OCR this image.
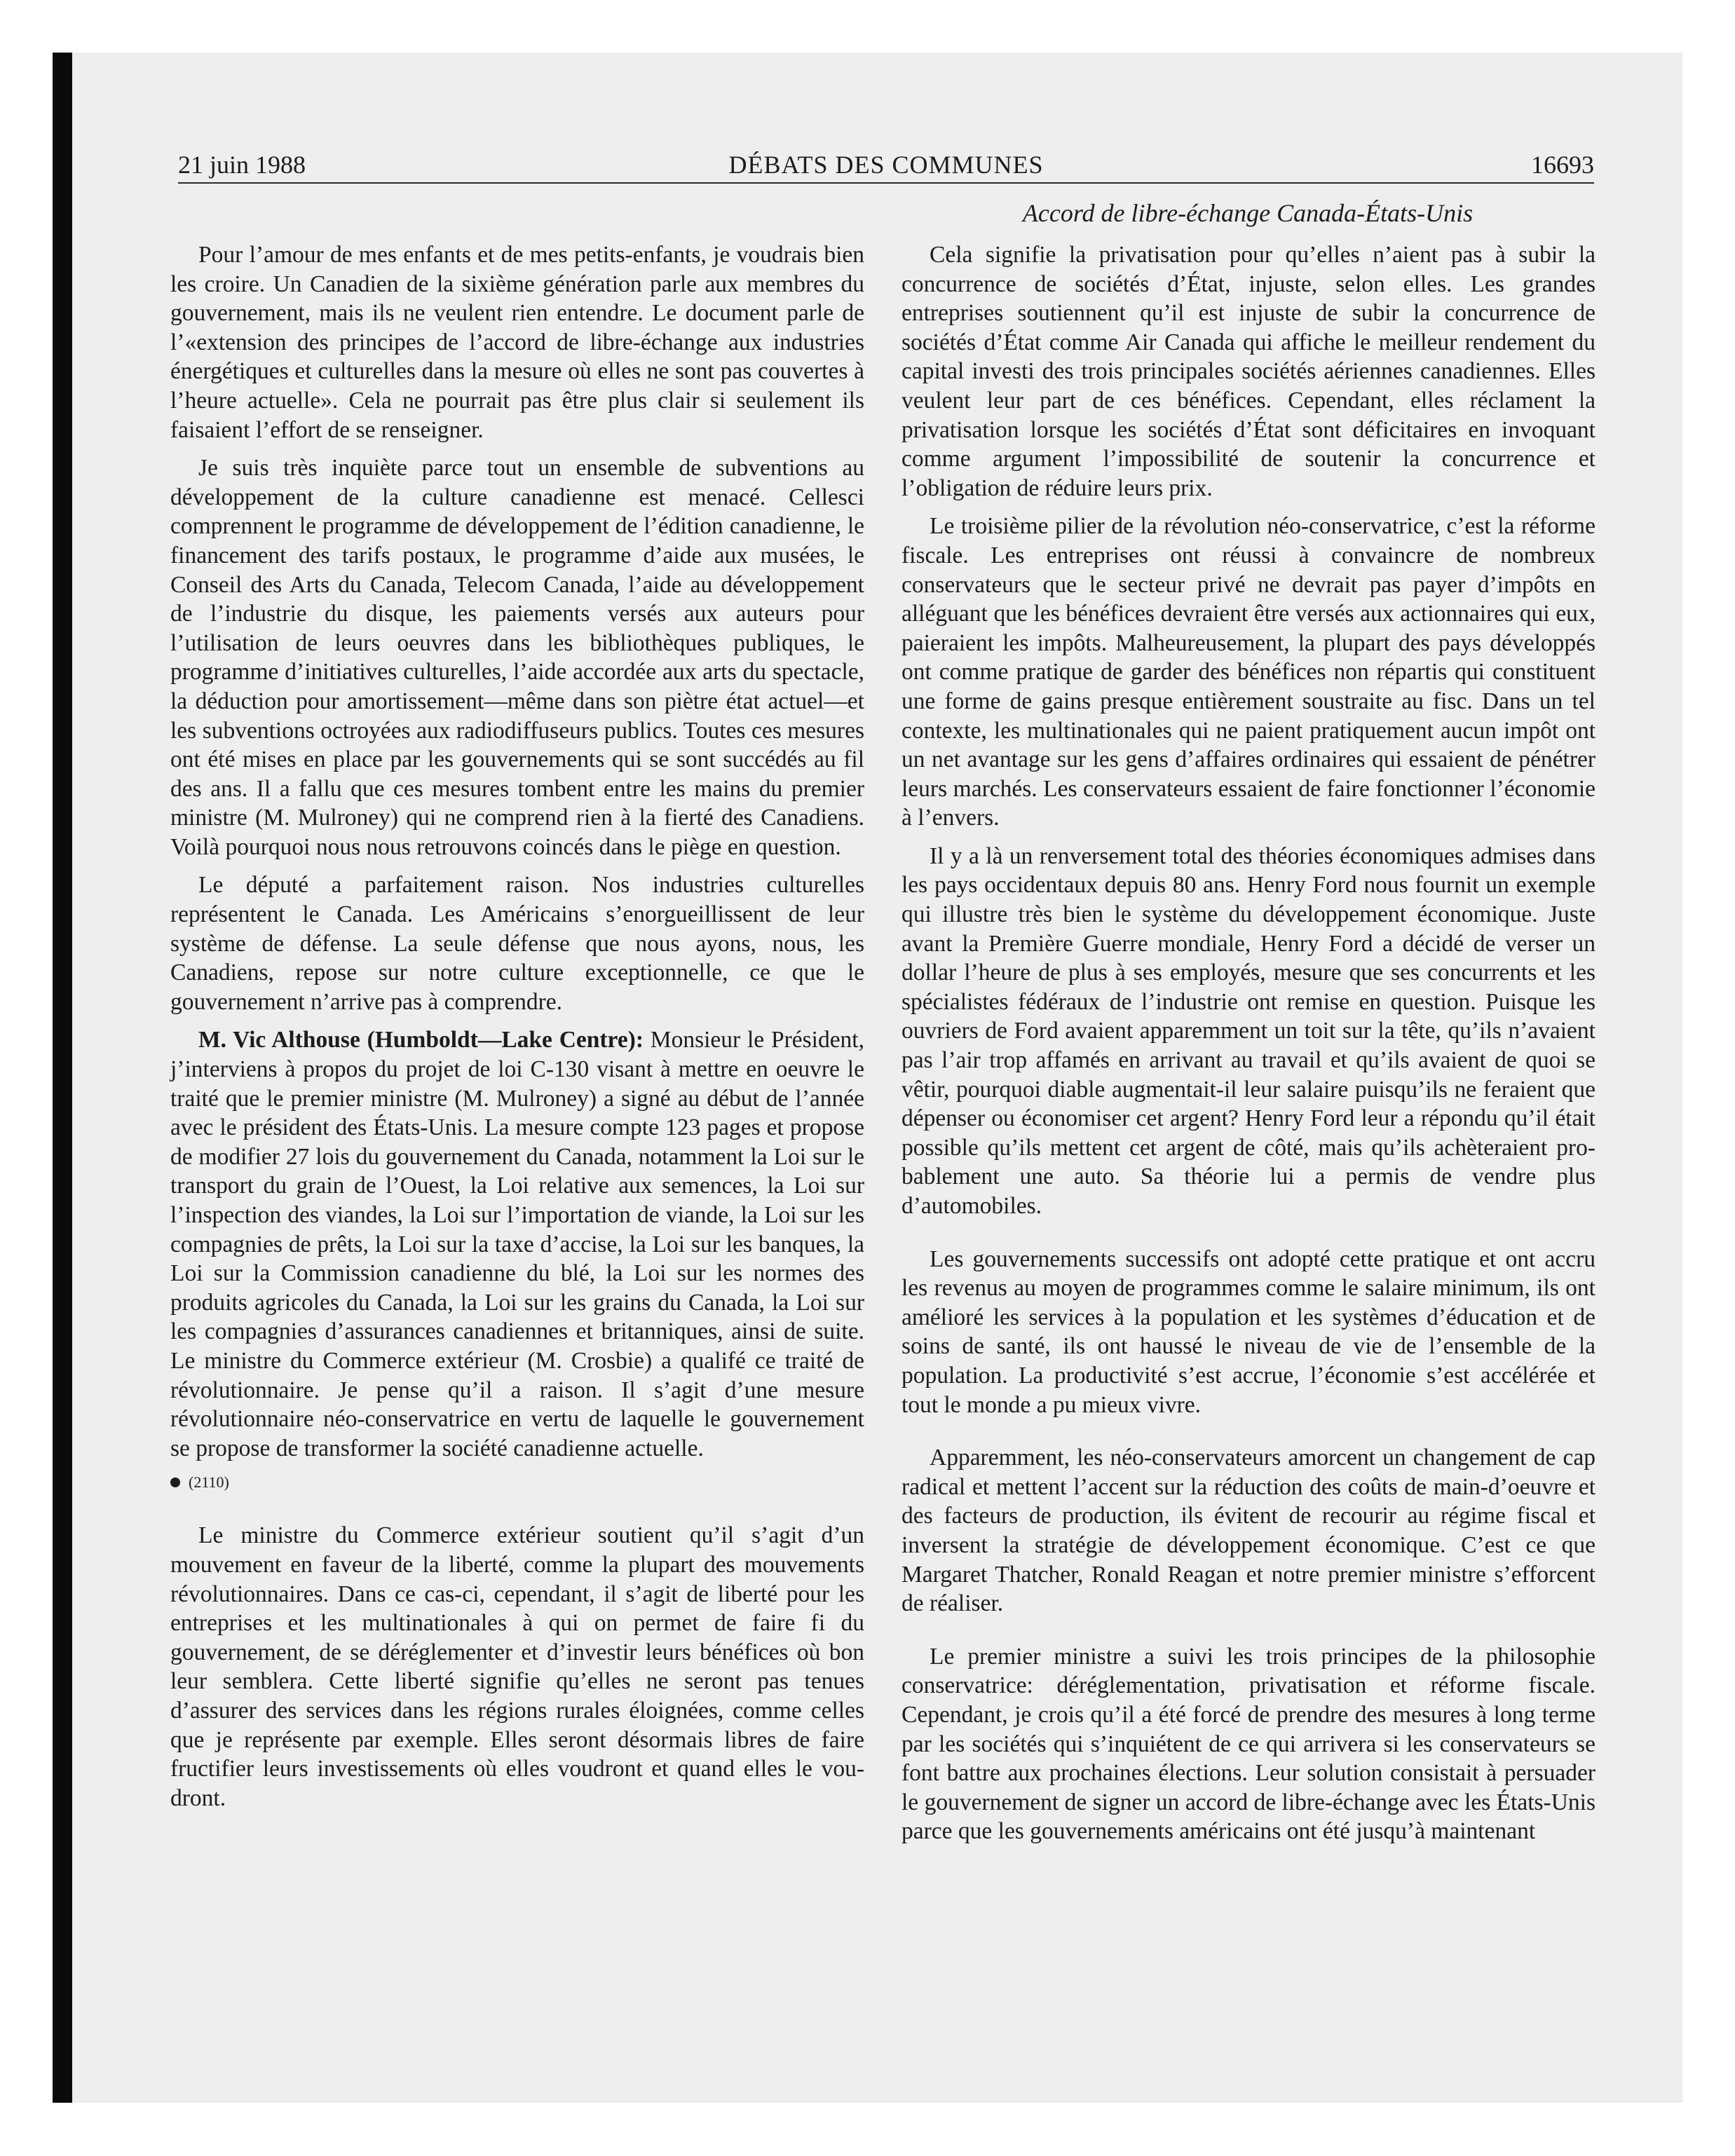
21 juin 1988	DÉBATS DES COMMUNES	16693
Accord de libre-échange Canada-États-Unis

Pour l’amour de mes enfants et de mes petits-enfants, je voudrais bien les croire. Un Canadien de la sixième génération parle aux membres du gouvernement, mais ils ne veulent rien entendre. Le document parle de l’«extension des principes de l’accord de libre-échange aux industries énergétiques et culturelles dans la mesure où elles ne sont pas couvertes à l’heure actuelle». Cela ne pourrait pas être plus clair si seulement ils faisaient l’effort de se renseigner.

Je suis très inquiète parce tout un ensemble de subventions au développement de la culture canadienne est menacé. Cellesci comprennent le programme de développement de l’édition canadienne, le financement des tarifs postaux, le programme d’aide aux musées, le Conseil des Arts du Canada, Telecom Canada, l’aide au développement de l’industrie du disque, les paiements versés aux auteurs pour l’utilisation de leurs oeuvres dans les bibliothèques publiques, le programme d’initiatives culturelles, l’aide accordée aux arts du spectacle, la déduction pour amortissement—même dans son piètre état actuel—et les subventions octroyées aux radiodiffuseurs publics. Toutes ces mesures ont été mises en place par les gouvernements qui se sont succédés au fil des ans. Il a fallu que ces mesures tombent entre les mains du premier ministre (M. Mulroney) qui ne comprend rien à la fierté des Canadiens. Voilà pourquoi nous nous retrouvons coincés dans le piège en question.

Le député a parfaitement raison. Nos industries culturelles représentent le Canada. Les Américains s’enorgueillissent de leur système de défense. La seule défense que nous ayons, nous, les Canadiens, repose sur notre culture exceptionnelle, ce que le gouvernement n’arrive pas à comprendre.

M. Vic Althouse (Humboldt—Lake Centre): Monsieur le Président, j’interviens à propos du projet de loi C-130 visant à mettre en oeuvre le traité que le premier ministre (M. Mulroney) a signé au début de l’année avec le président des États-Unis. La mesure compte 123 pages et propose de modifier 27 lois du gouvernement du Canada, notamment la Loi sur le transport du grain de l’Ouest, la Loi relative aux semences, la Loi sur l’inspection des viandes, la Loi sur l’importation de viande, la Loi sur les compagnies de prêts, la Loi sur la taxe d’accise, la Loi sur les banques, la Loi sur la Commission canadienne du blé, la Loi sur les normes des produits agricoles du Canada, la Loi sur les grains du Canada, la Loi sur les compagnies d’assurances canadiennes et britanniques, ainsi de suite. Le ministre du Commerce extérieur (M. Crosbie) a qualifé ce traité de révolutionnaire. Je pense qu’il a raison. Il s’agit d’une mesure révolutionnaire néo-conservatrice en vertu de laquelle le gouvernement se propose de transformer la société canadienne actuelle.

(2110)

Le ministre du Commerce extérieur soutient qu’il s’agit d’un mouvement en faveur de la liberté, comme la plupart des mouvements révolutionnaires. Dans ce cas-ci, cependant, il s’agit de liberté pour les entreprises et les multinationales à qui on permet de faire fi du gouvernement, de se déréglementer et d’investir leurs bénéfices où bon leur semblera. Cette liberté signifie qu’elles ne seront pas tenues d’assurer des services dans les régions rurales éloignées, comme celles que je représente par exemple. Elles seront désormais libres de faire fructifier leurs investissements où elles voudront et quand elles le voudront.

Cela signifie la privatisation pour qu’elles n’aient pas à subir la concurrence de sociétés d’État, injuste, selon elles. Les grandes entreprises soutiennent qu’il est injuste de subir la concurrence de sociétés d’État comme Air Canada qui affiche le meilleur rendement du capital investi des trois principales sociétés aériennes canadiennes. Elles veulent leur part de ces bénéfices. Cependant, elles réclament la privatisation lorsque les sociétés d’État sont déficitaires en invoquant comme argument l’impossibilité de soutenir la concurrence et l’obligation de réduire leurs prix.

Le troisième pilier de la révolution néo-conservatrice, c’est la réforme fiscale. Les entreprises ont réussi à convaincre de nombreux conservateurs que le secteur privé ne devrait pas payer d’impôts en alléguant que les bénéfices devraient être versés aux actionnaires qui eux, paieraient les impôts. Malheureusement, la plupart des pays développés ont comme pratique de garder des bénéfices non répartis qui constituent une forme de gains presque entièrement soustraite au fisc. Dans un tel contexte, les multinationales qui ne paient pratiquement aucun impôt ont un net avantage sur les gens d’affaires ordinaires qui essaient de pénétrer leurs marchés. Les conservateurs essaient de faire fonctionner l’économie à l’envers.

Il y a là un renversement total des théories économiques admises dans les pays occidentaux depuis 80 ans. Henry Ford nous fournit un exemple qui illustre très bien le système du développement économique. Juste avant la Première Guerre mondiale, Henry Ford a décidé de verser un dollar l’heure de plus à ses employés, mesure que ses concurrents et les spécialistes fédéraux de l’industrie ont remise en question. Puisque les ouvriers de Ford avaient apparemment un toit sur la tête, qu’ils n’avaient pas l’air trop affamés en arrivant au travail et qu’ils avaient de quoi se vêtir, pourquoi diable augmentait-il leur salaire puisqu’ils ne feraient que dépenser ou économiser cet argent? Henry Ford leur a répondu qu’il était possible qu’ils mettent cet argent de côté, mais qu’ils achèteraient probablement une auto. Sa théorie lui a permis de vendre plus d’automobiles.

Les gouvernements successifs ont adopté cette pratique et ont accru les revenus au moyen de programmes comme le salaire minimum, ils ont amélioré les services à la population et les systèmes d’éducation et de soins de santé, ils ont haussé le niveau de vie de l’ensemble de la population. La productivité s’est accrue, l’économie s’est accélérée et tout le monde a pu mieux vivre.

Apparemment, les néo-conservateurs amorcent un changement de cap radical et mettent l’accent sur la réduction des coûts de main-d’oeuvre et des facteurs de production, ils évitent de recourir au régime fiscal et inversent la stratégie de développement économique. C’est ce que Margaret Thatcher, Ronald Reagan et notre premier ministre s’efforcent de réaliser.

Le premier ministre a suivi les trois principes de la philosophie conservatrice: déréglementation, privatisation et réforme fiscale. Cependant, je crois qu’il a été forcé de prendre des mesures à long terme par les sociétés qui s’inquiétent de ce qui arrivera si les conservateurs se font battre aux prochaines élections. Leur solution consistait à persuader le gouvernement de signer un accord de libre-échange avec les États-Unis parce que les gouvernements américains ont été jusqu’à maintenant
